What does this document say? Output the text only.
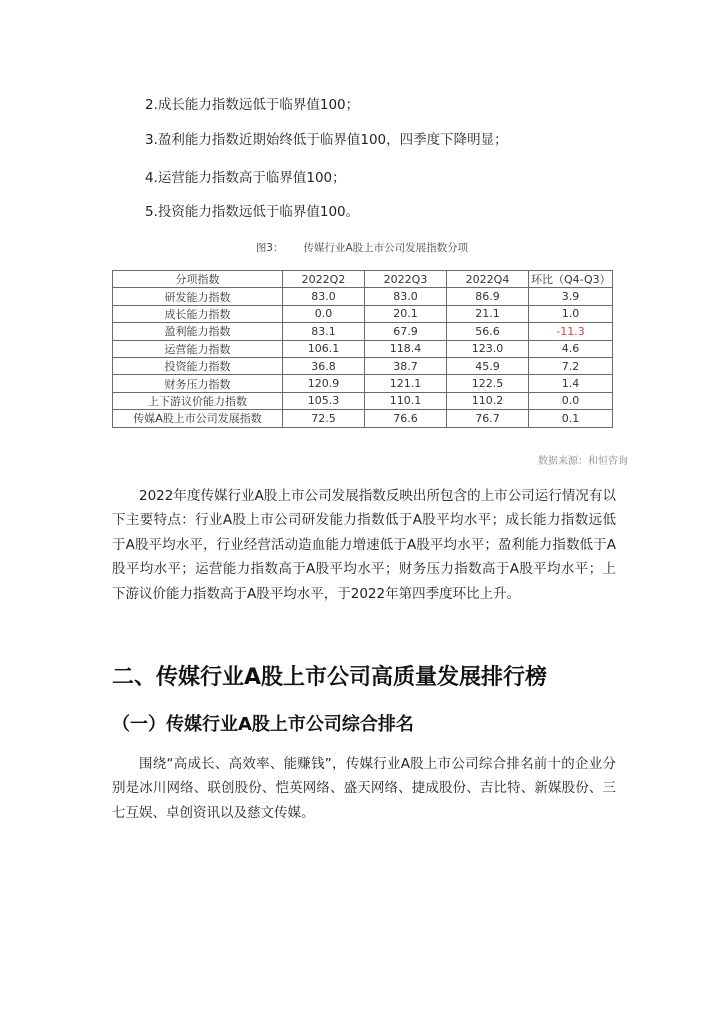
2.成长能力指数远低于临界值100；
3.盈利能力指数近期始终低于临界值100，四季度下降明显；
4.运营能力指数高于临界值100；
5.投资能力指数远低于临界值100。
图3： 传媒行业A股上市公司发展指数分项
分项指数	2022Q2	2022Q3	2022Q4	环比（Q4-Q3）
研发能力指数	83.0	83.0	86.9	3.9
成长能力指数	0.0	20.1	21.1	1.0
盈利能力指数	83.1	67.9	56.6	-11.3
运营能力指数	106.1	118.4	123.0	4.6
投资能力指数	36.8	38.7	45.9	7.2
财务压力指数	120.9	121.1	122.5	1.4
上下游议价能力指数	105.3	110.1	110.2	0.0
传媒A股上市公司发展指数	72.5	76.6	76.7	0.1
数据来源：和恒咨询

2022年度传媒行业A股上市公司发展指数反映出所包含的上市公司运行情况有以下主要特点：行业A股上市公司研发能力指数低于A股平均水平；成长能力指数远低于A股平均水平，行业经营活动造血能力增速低于A股平均水平；盈利能力指数低于A股平均水平；运营能力指数高于A股平均水平；财务压力指数高于A股平均水平；上下游议价能力指数高于A股平均水平，于2022年第四季度环比上升。

二、传媒行业A股上市公司高质量发展排行榜
（一）传媒行业A股上市公司综合排名

围绕“高成长、高效率、能赚钱”，传媒行业A股上市公司综合排名前十的企业分别是冰川网络、联创股份、恺英网络、盛天网络、捷成股份、吉比特、新媒股份、三七互娱、卓创资讯以及慈文传媒。
